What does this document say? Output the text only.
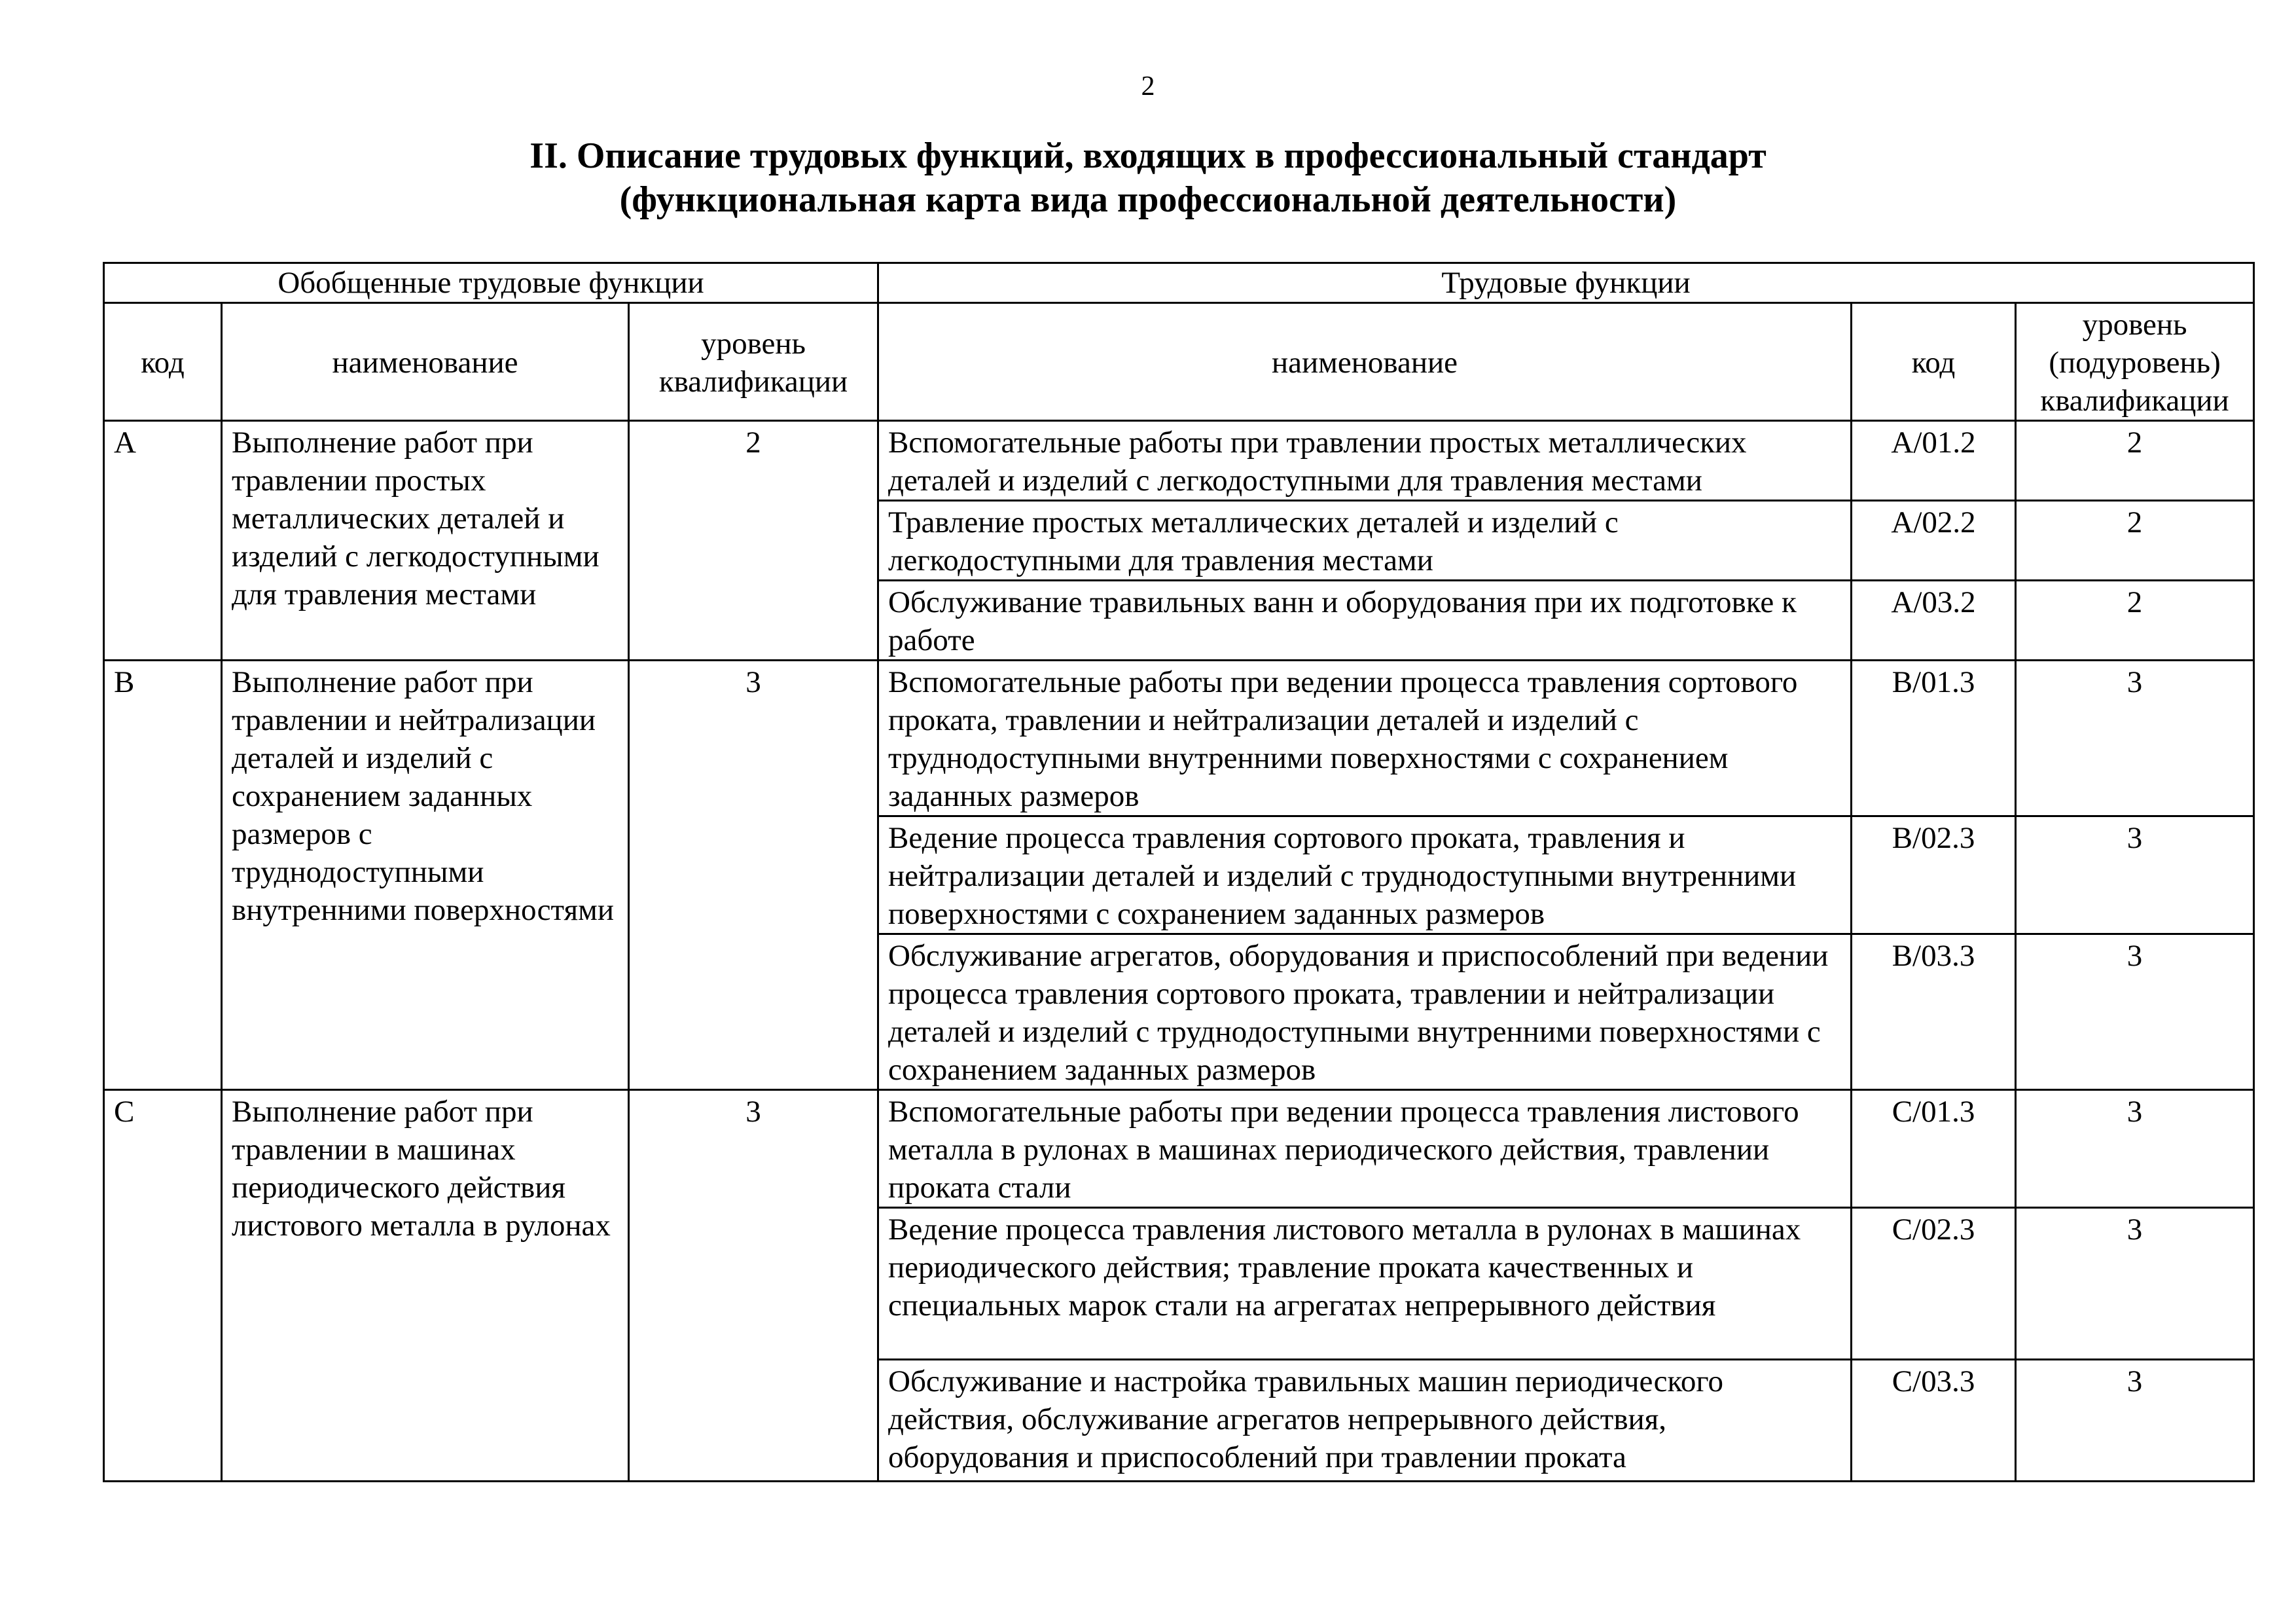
2
II. Описание трудовых функций, входящих в профессиональный стандарт
(функциональная карта вида профессиональной деятельности)
Обобщенные трудовые функции			Трудовые функции		
код	наименование	уровень квалификации	наименование	код	уровень (подуровень) квалификации
A	Выполнение работ при травлении простых металлических деталей и изделий с легкодоступными для травления местами	2	Вспомогательные работы при травлении простых металлических деталей и изделий с легкодоступными для травления местами	А/01.2	2
			Травление простых металлических деталей и изделий с легкодоступными для травления местами	А/02.2	2
			Обслуживание травильных ванн и оборудования при их подготовке к работе	А/03.2	2
B	Выполнение работ при травлении и нейтрализации деталей и изделий с сохранением заданных размеров с труднодоступными внутренними поверхностями	3	Вспомогательные работы при ведении процесса травления сортового проката, травлении и нейтрализации деталей и изделий с труднодоступными внутренними поверхностями с сохранением заданных размеров	В/01.3	3
			Ведение процесса травления сортового проката, травления и нейтрализации деталей и изделий с труднодоступными внутренними поверхностями с сохранением заданных размеров	В/02.3	3
			Обслуживание агрегатов, оборудования и приспособлений при ведении процесса травления сортового проката, травлении и нейтрализации деталей и изделий с труднодоступными внутренними поверхностями с сохранением заданных размеров	В/03.3	3
C	Выполнение работ при травлении в машинах периодического действия листового металла в рулонах	3	Вспомогательные работы при ведении процесса травления листового металла в рулонах в машинах периодического действия, травлении проката стали	С/01.3	3
			Ведение процесса травления листового металла в рулонах в машинах периодического действия; травление проката качественных и специальных марок стали на агрегатах непрерывного действия	С/02.3	3
			Обслуживание и настройка травильных машин периодического действия, обслуживание агрегатов непрерывного действия, оборудования и приспособлений при травлении проката	С/03.3	3
